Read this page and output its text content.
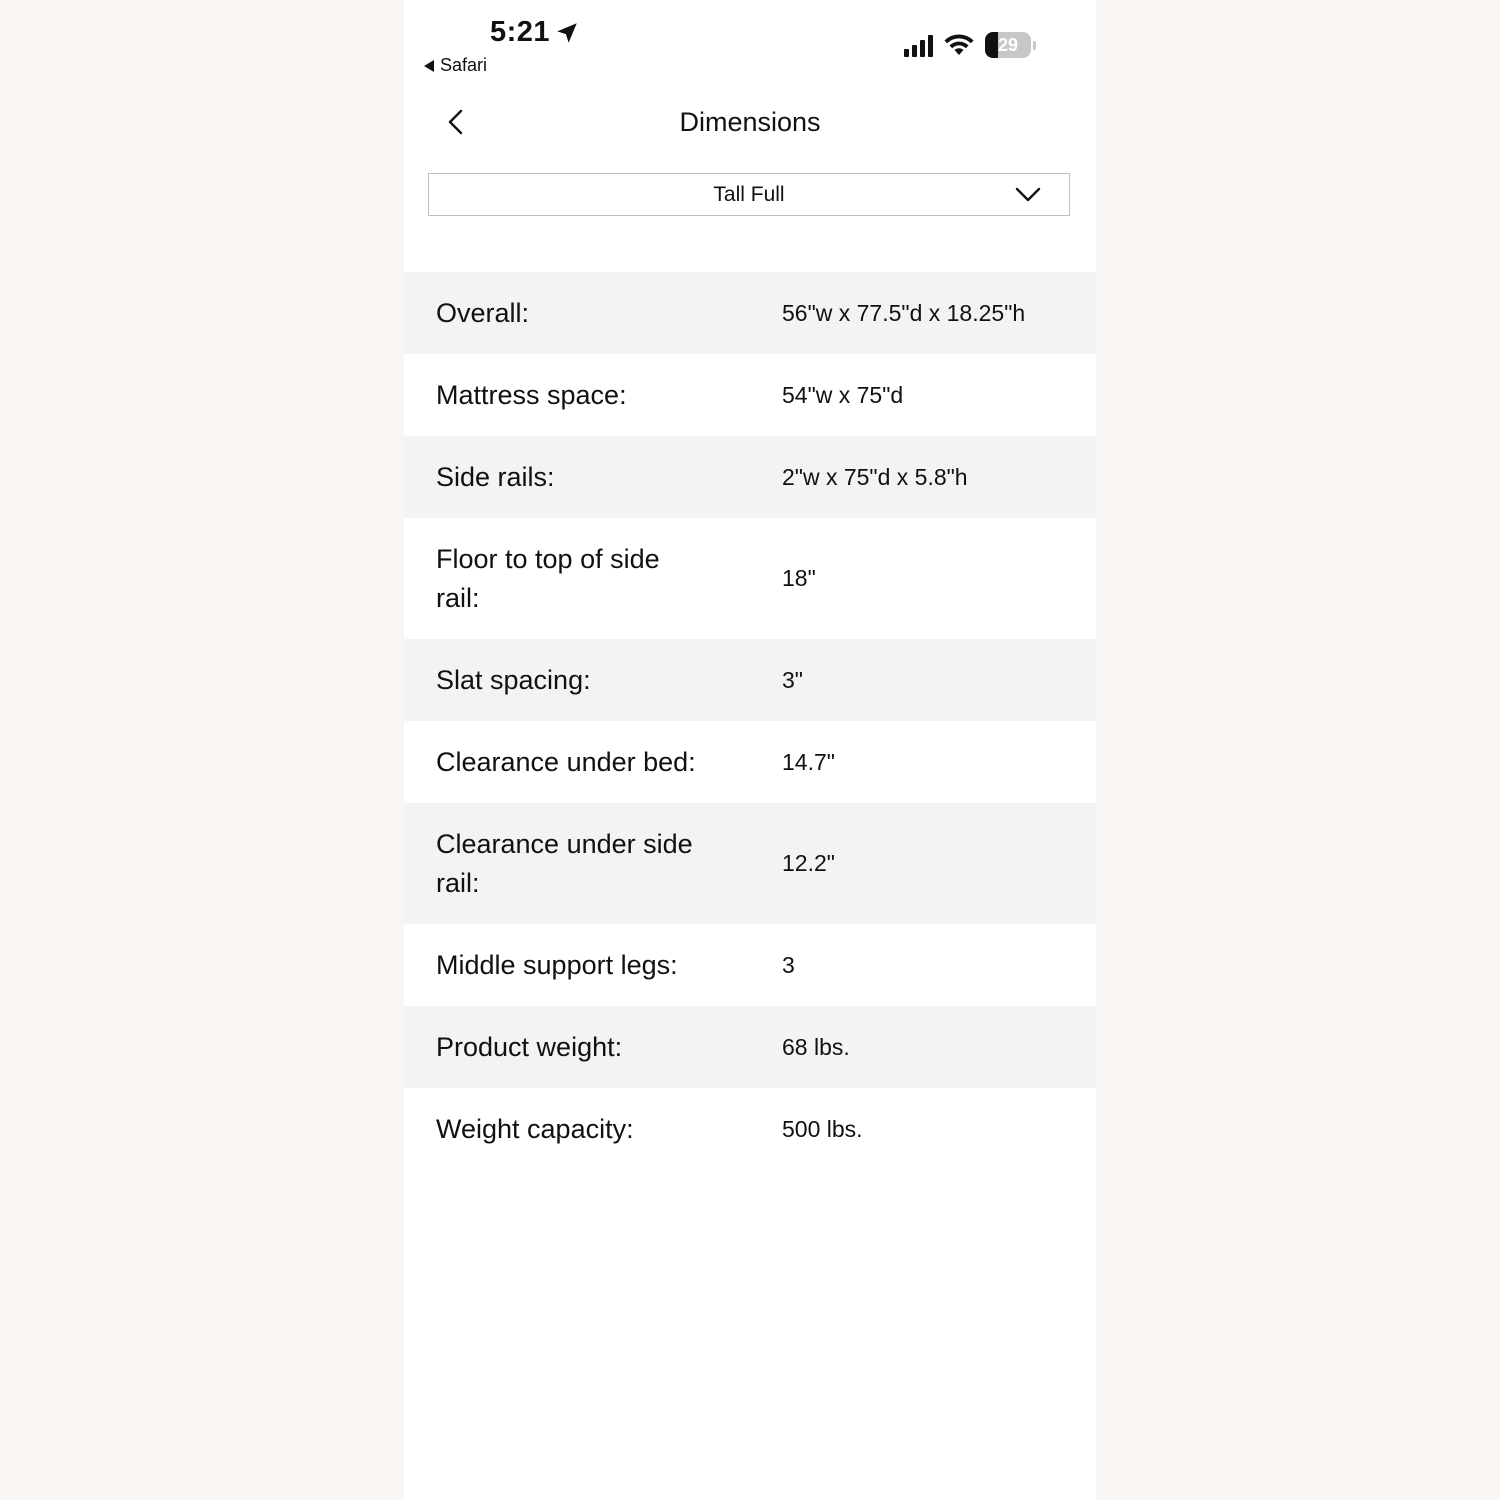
5:21
Safari
29
Dimensions
Tall Full
Overall:	56"w x 77.5"d x 18.25"h
Mattress space:	54"w x 75"d
Side rails:	2"w x 75"d x 5.8"h
Floor to top of side rail:
18"
Slat spacing:	3"
Clearance under bed:	14.7"
Clearance under side rail:
12.2"
Middle support legs:	3
Product weight:	68 lbs.
Weight capacity:	500 lbs.
